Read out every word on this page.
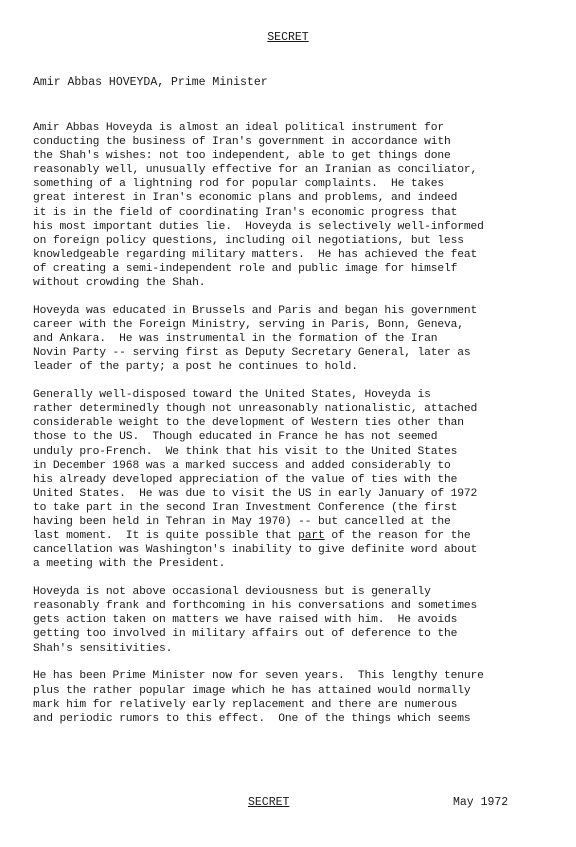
SECRET
Amir Abbas HOVEYDA, Prime Minister
Amir Abbas Hoveyda is almost an ideal political instrument for
conducting the business of Iran's government in accordance with
the Shah's wishes: not too independent, able to get things done
reasonably well, unusually effective for an Iranian as conciliator,
something of a lightning rod for popular complaints.  He takes
great interest in Iran's economic plans and problems, and indeed
it is in the field of coordinating Iran's economic progress that
his most important duties lie.  Hoveyda is selectively well-informed
on foreign policy questions, including oil negotiations, but less
knowledgeable regarding military matters.  He has achieved the feat
of creating a semi-independent role and public image for himself
without crowding the Shah.
Hoveyda was educated in Brussels and Paris and began his government
career with the Foreign Ministry, serving in Paris, Bonn, Geneva,
and Ankara.  He was instrumental in the formation of the Iran
Novin Party -- serving first as Deputy Secretary General, later as
leader of the party; a post he continues to hold.
Generally well-disposed toward the United States, Hoveyda is
rather determinedly though not unreasonably nationalistic, attached
considerable weight to the development of Western ties other than
those to the US.  Though educated in France he has not seemed
unduly pro-French.  We think that his visit to the United States
in December 1968 was a marked success and added considerably to
his already developed appreciation of the value of ties with the
United States.  He was due to visit the US in early January of 1972
to take part in the second Iran Investment Conference (the first
having been held in Tehran in May 1970) -- but cancelled at the
last moment.  It is quite possible that part of the reason for the
cancellation was Washington's inability to give definite word about
a meeting with the President.
Hoveyda is not above occasional deviousness but is generally
reasonably frank and forthcoming in his conversations and sometimes
gets action taken on matters we have raised with him.  He avoids
getting too involved in military affairs out of deference to the
Shah's sensitivities.
He has been Prime Minister now for seven years.  This lengthy tenure
plus the rather popular image which he has attained would normally
mark him for relatively early replacement and there are numerous
and periodic rumors to this effect.  One of the things which seems
SECRET	May 1972
